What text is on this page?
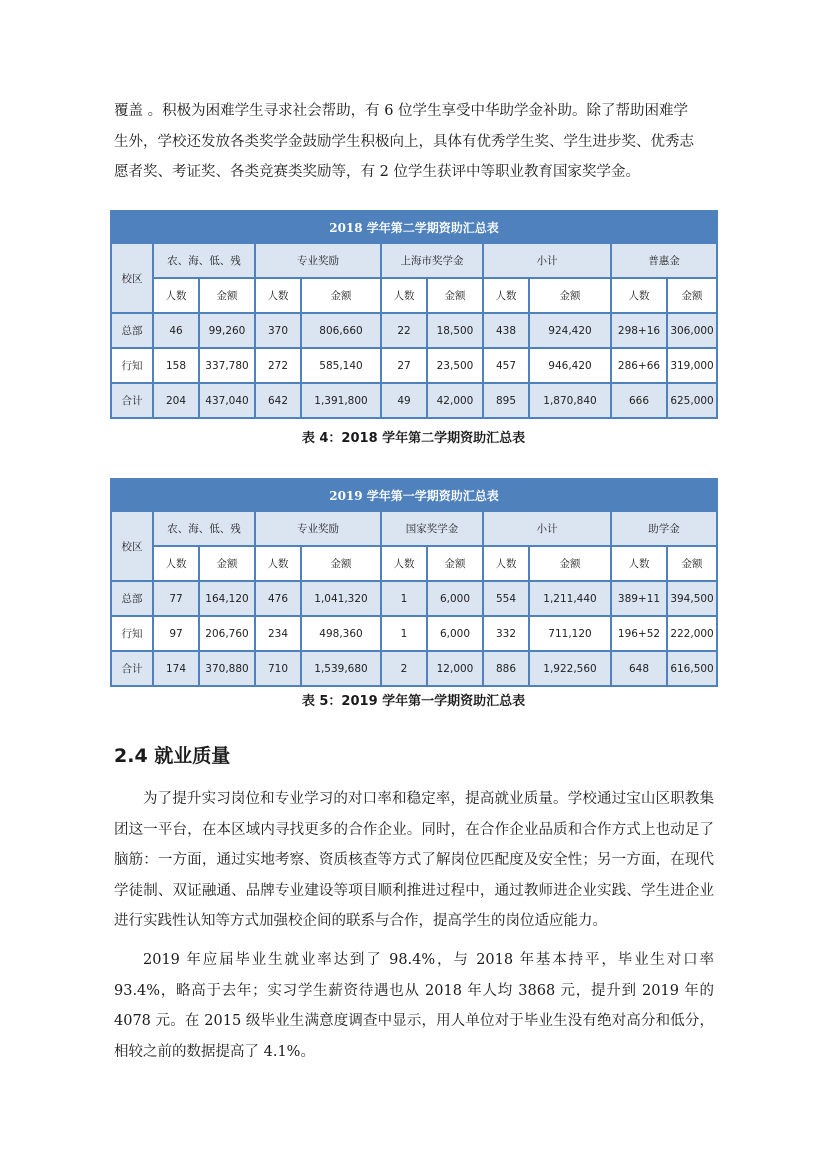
覆盖 。积极为困难学生寻求社会帮助，有 6 位学生享受中华助学金补助。除了帮助困难学
生外，学校还发放各类奖学金鼓励学生积极向上，具体有优秀学生奖、学生进步奖、优秀志
愿者奖、考证奖、各类竞赛类奖励等，有 2 位学生获评中等职业教育国家奖学金。
2018 学年第二学期资助汇总表										
校区	农、海、低、残		专业奖励		上海市奖学金		小计		普惠金	
	人数	金额	人数	金额	人数	金额	人数	金额	人数	金额
总部	46	99,260	370	806,660	22	18,500	438	924,420	298+16	306,000
行知	158	337,780	272	585,140	27	23,500	457	946,420	286+66	319,000
合计	204	437,040	642	1,391,800	49	42,000	895	1,870,840	666	625,000
表 4：2018 学年第二学期资助汇总表
2019 学年第一学期资助汇总表										
校区	农、海、低、残		专业奖励		国家奖学金		小计		助学金	
	人数	金额	人数	金额	人数	金额	人数	金额	人数	金额
总部	77	164,120	476	1,041,320	1	6,000	554	1,211,440	389+11	394,500
行知	97	206,760	234	498,360	1	6,000	332	711,120	196+52	222,000
合计	174	370,880	710	1,539,680	2	12,000	886	1,922,560	648	616,500
表 5：2019 学年第一学期资助汇总表
2.4 就业质量
为了提升实习岗位和专业学习的对口率和稳定率，提高就业质量。学校通过宝山区职教集团这一平台，在本区域内寻找更多的合作企业。同时，在合作企业品质和合作方式上也动足了脑筋：一方面，通过实地考察、资质核查等方式了解岗位匹配度及安全性；另一方面，在现代学徒制、双证融通、品牌专业建设等项目顺利推进过程中，通过教师进企业实践、学生进企业进行实践性认知等方式加强校企间的联系与合作，提高学生的岗位适应能力。
2019 年应届毕业生就业率达到了 98.4%，与 2018 年基本持平，毕业生对口率 93.4%，略高于去年；实习学生薪资待遇也从 2018 年人均 3868 元，提升到 2019 年的 4078 元。在 2015 级毕业生满意度调查中显示，用人单位对于毕业生没有绝对高分和低分，相较之前的数据提高了 4.1%。
